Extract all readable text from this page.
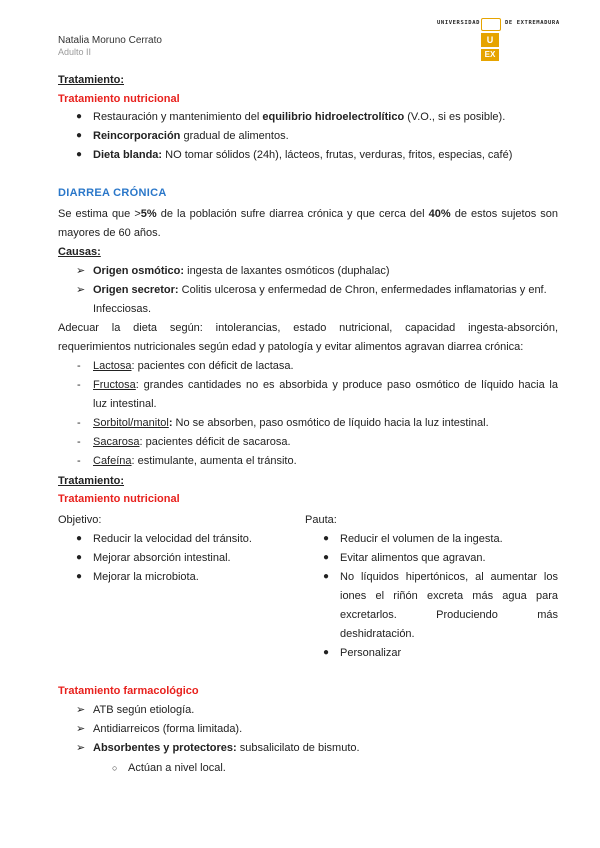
Natalia Moruno Cerrato
Adulto II
UNIVERSIDAD	DE EXTREMADURA
U
EX
Tratamiento:
Tratamiento nutricional
● Restauración y mantenimiento del equilibrio hidroelectrolítico (V.O., si es posible).
● Reincorporación gradual de alimentos.
● Dieta blanda: NO tomar sólidos (24h), lácteos, frutas, verduras, fritos, especias, café)
DIARREA CRÓNICA
Se estima que >5% de la población sufre diarrea crónica y que cerca del 40% de estos sujetos son
mayores de 60 años.
Causas:
➢ Origen osmótico: ingesta de laxantes osmóticos (duphalac)
➢ Origen secretor: Colitis ulcerosa y enfermedad de Chron, enfermedades inflamatorias y enf.
Infecciosas.
Adecuar la dieta según: intolerancias, estado nutricional, capacidad ingesta-absorción,
requerimientos nutricionales según edad y patología y evitar alimentos agravan diarrea crónica:
- Lactosa: pacientes con déficit de lactasa.
- Fructosa: grandes cantidades no es absorbida y produce paso osmótico de líquido hacia la
luz intestinal.
- Sorbitol/manitol: No se absorben, paso osmótico de líquido hacia la luz intestinal.
- Sacarosa: pacientes déficit de sacarosa.
- Cafeína: estimulante, aumenta el tránsito.
Tratamiento:
Tratamiento nutricional
Objetivo:	Pauta:
● Reducir la velocidad del tránsito.
● Mejorar absorción intestinal.
● Mejorar la microbiota.
● Reducir el volumen de la ingesta.
● Evitar alimentos que agravan.
● No líquidos hipertónicos, al aumentar los
iones el riñón excreta más agua para
excretarlos.	Produciendo	más
deshidratación.
● Personalizar
Tratamiento farmacológico
➢ ATB según etiología.
➢ Antidiarreicos (forma limitada).
➢ Absorbentes y protectores: subsalicilato de bismuto.
○ Actúan a nivel local.
